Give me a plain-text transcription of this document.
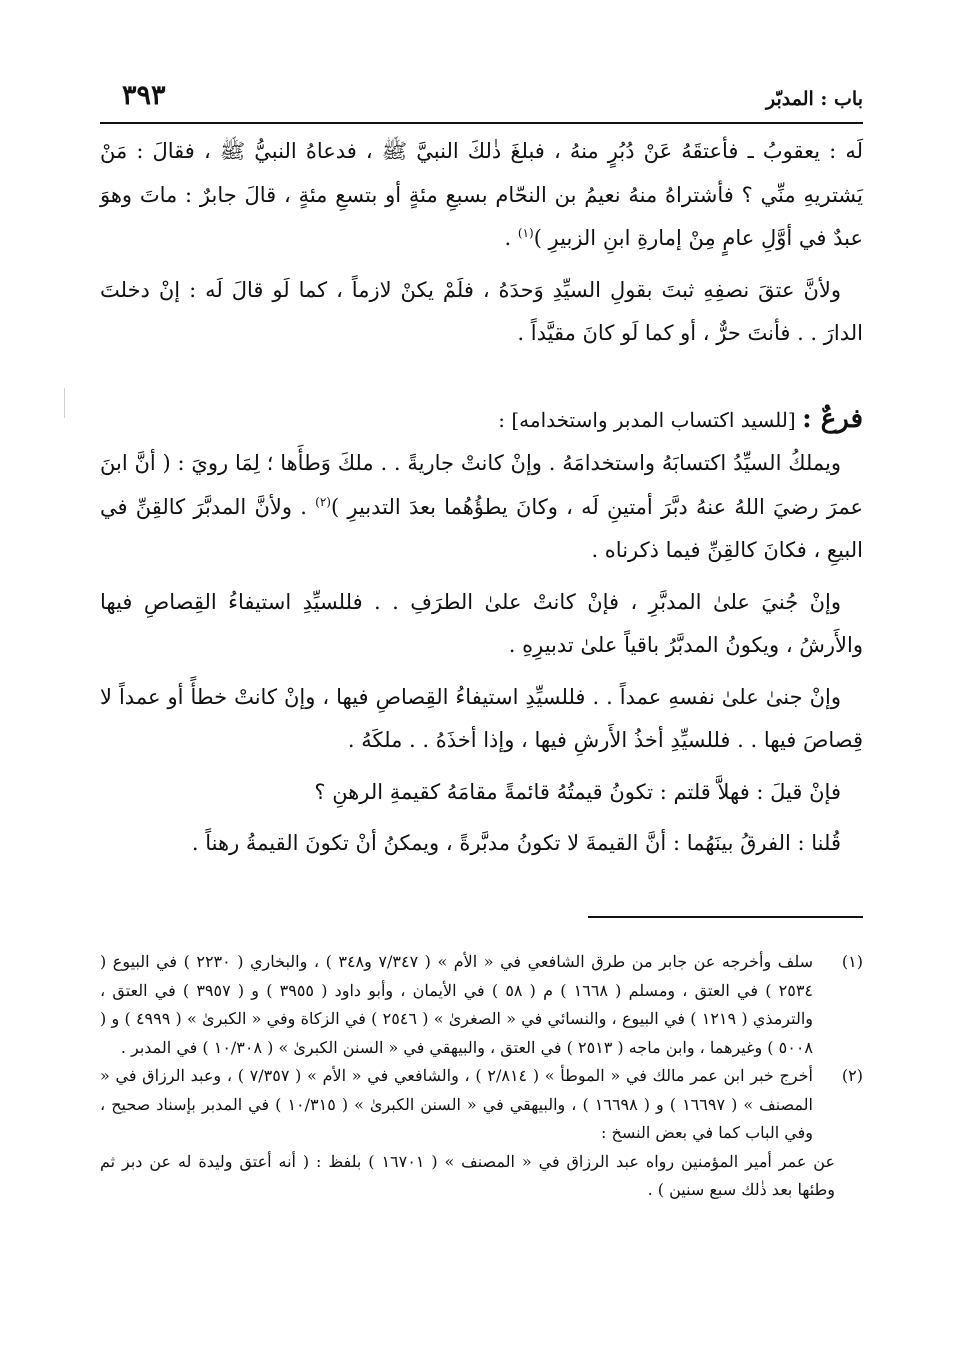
باب : المدبّر
٣٩٣

لَه : يعقوبُ ـ فأعتقَهُ عَنْ دُبُرٍ منهُ ، فبلغَ ذٰلكَ النبيَّ ﷺ ، فدعاهُ النبيُّ ﷺ ، فقالَ : مَنْ يَشتريهِ منِّي ؟ فأشتراهُ منهُ نعيمُ بن النحّام بسبعِ مئةٍ أو بتسعِ مئةٍ ، قالَ جابرٌ : ماتَ وهوَ عبدٌ في أوَّلِ عامٍ مِنْ إمارةِ ابنِ الزبيرِ )$^{(١)}$ .

ولأنَّ عتقَ نصفِهِ ثبتَ بقولِ السيِّدِ وَحدَهُ ، فلَمْ يكنْ لازماً ، كما لَو قالَ لَه : إنْ دخلتَ الدارَ . . فأنتَ حرٌّ ، أو كما لَو كانَ مقيَّداً .

فرعٌ : [للسيد اكتساب المدبر واستخدامه] :

ويملكُ السيِّدُ اكتسابَهُ واستخدامَهُ . وإنْ كانتْ جاريةً . . ملكَ وَطأَها ؛ لِمَا رويَ : ( أنَّ ابنَ عمرَ رضيَ اللهُ عنهُ دبَّرَ أمتينِ لَه ، وكانَ يطؤُهُما بعدَ التدبيرِ )$^{(٢)}$ . ولأنَّ المدبَّرَ كالقِنِّ في البيعِ ، فكانَ كالقِنِّ فيما ذكرناه .

وإنْ جُنيَ علىٰ المدبَّرِ ، فإنْ كانتْ علىٰ الطرَفِ . . فللسيِّدِ استيفاءُ القِصاصِ فيها والأَرشُ ، ويكونُ المدبَّرُ باقياً علىٰ تدبيرِهِ .

وإنْ جنىٰ علىٰ نفسهِ عمداً . . فللسيِّدِ استيفاءُ القِصاصِ فيها ، وإنْ كانتْ خطأً أو عمداً لا قِصاصَ فيها . . فللسيِّدِ أخذُ الأَرشِ فيها ، وإذا أخذَهُ . . ملكَهُ .

فإنْ قيلَ : فهلاَّ قلتم : تكونُ قيمتُهُ قائمةً مقامَهُ كقيمةِ الرهنِ ؟

قُلنا : الفرقُ بينَهُما : أنَّ القيمةَ لا تكونُ مدبَّرةً ، ويمكنُ أنْ تكونَ القيمةُ رهناً .

(١)

سلف وأخرجه عن جابر من طرق الشافعي في « الأم » ( ٧/٣٤٧ و٣٤٨ ) ، والبخاري ( ٢٢٣٠ ) في البيوع ( ٢٥٣٤ ) في العتق ، ومسلم ( ١٦٦٨ ) م ( ٥٨ ) في الأيمان ، وأبو داود ( ٣٩٥٥ ) و ( ٣٩٥٧ ) في العتق ، والترمذي ( ١٢١٩ ) في البيوع ، والنسائي في « الصغرىٰ » ( ٢٥٤٦ ) في الزكاة وفي « الكبرىٰ » ( ٤٩٩٩ ) و ( ٥٠٠٨ ) وغيرهما ، وابن ماجه ( ٢٥١٣ ) في العتق ، والبيهقي في « السنن الكبرىٰ » ( ١٠/٣٠٨ ) في المدبر .

(٢)

أخرج خبر ابن عمر مالك في « الموطأ » ( ٢/٨١٤ ) ، والشافعي في « الأم » ( ٧/٣٥٧ ) ، وعبد الرزاق في « المصنف » ( ١٦٦٩٧ ) و ( ١٦٦٩٨ ) ، والبيهقي في « السنن الكبرىٰ » ( ١٠/٣١٥ ) في المدبر بإسناد صحيح ، وفي الباب كما في بعض النسخ :

عن عمر أمير المؤمنين رواه عبد الرزاق في « المصنف » ( ١٦٧٠١ ) بلفظ : ( أنه أعتق وليدة له عن دبر ثم وطئها بعد ذٰلك سبع سنين ) .
